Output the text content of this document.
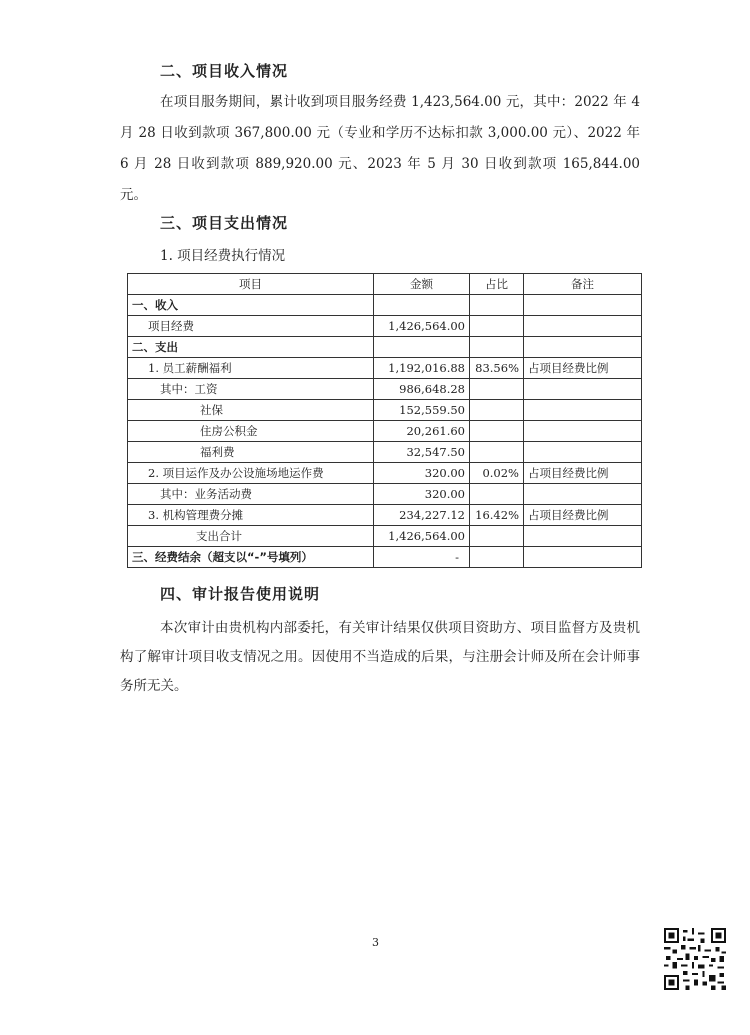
二、项目收入情况

在项目服务期间，累计收到项目服务经费 1,423,564.00 元，其中：2022 年 4 月 28 日收到款项 367,800.00 元（专业和学历不达标扣款 3,000.00 元）、2022 年 6 月 28 日收到款项 889,920.00 元、2023 年 5 月 30 日收到款项 165,844.00 元。

三、项目支出情况
1. 项目经费执行情况
项目	金额	占比	备注
一、收入			
项目经费	1,426,564.00		
二、支出			
1. 员工薪酬福利	1,192,016.88	83.56%	占项目经费比例
其中：工资	986,648.28		
社保	152,559.50		
住房公积金	20,261.60		
福利费	32,547.50		
2. 项目运作及办公设施场地运作费	320.00	0.02%	占项目经费比例
其中：业务活动费	320.00		
3. 机构管理费分摊	234,227.12	16.42%	占项目经费比例
支出合计	1,426,564.00		
三、经费结余（超支以“-”号填列）	-		
四、审计报告使用说明

本次审计由贵机构内部委托，有关审计结果仅供项目资助方、项目监督方及贵机构了解审计项目收支情况之用。因使用不当造成的后果，与注册会计师及所在会计师事务所无关。

3
